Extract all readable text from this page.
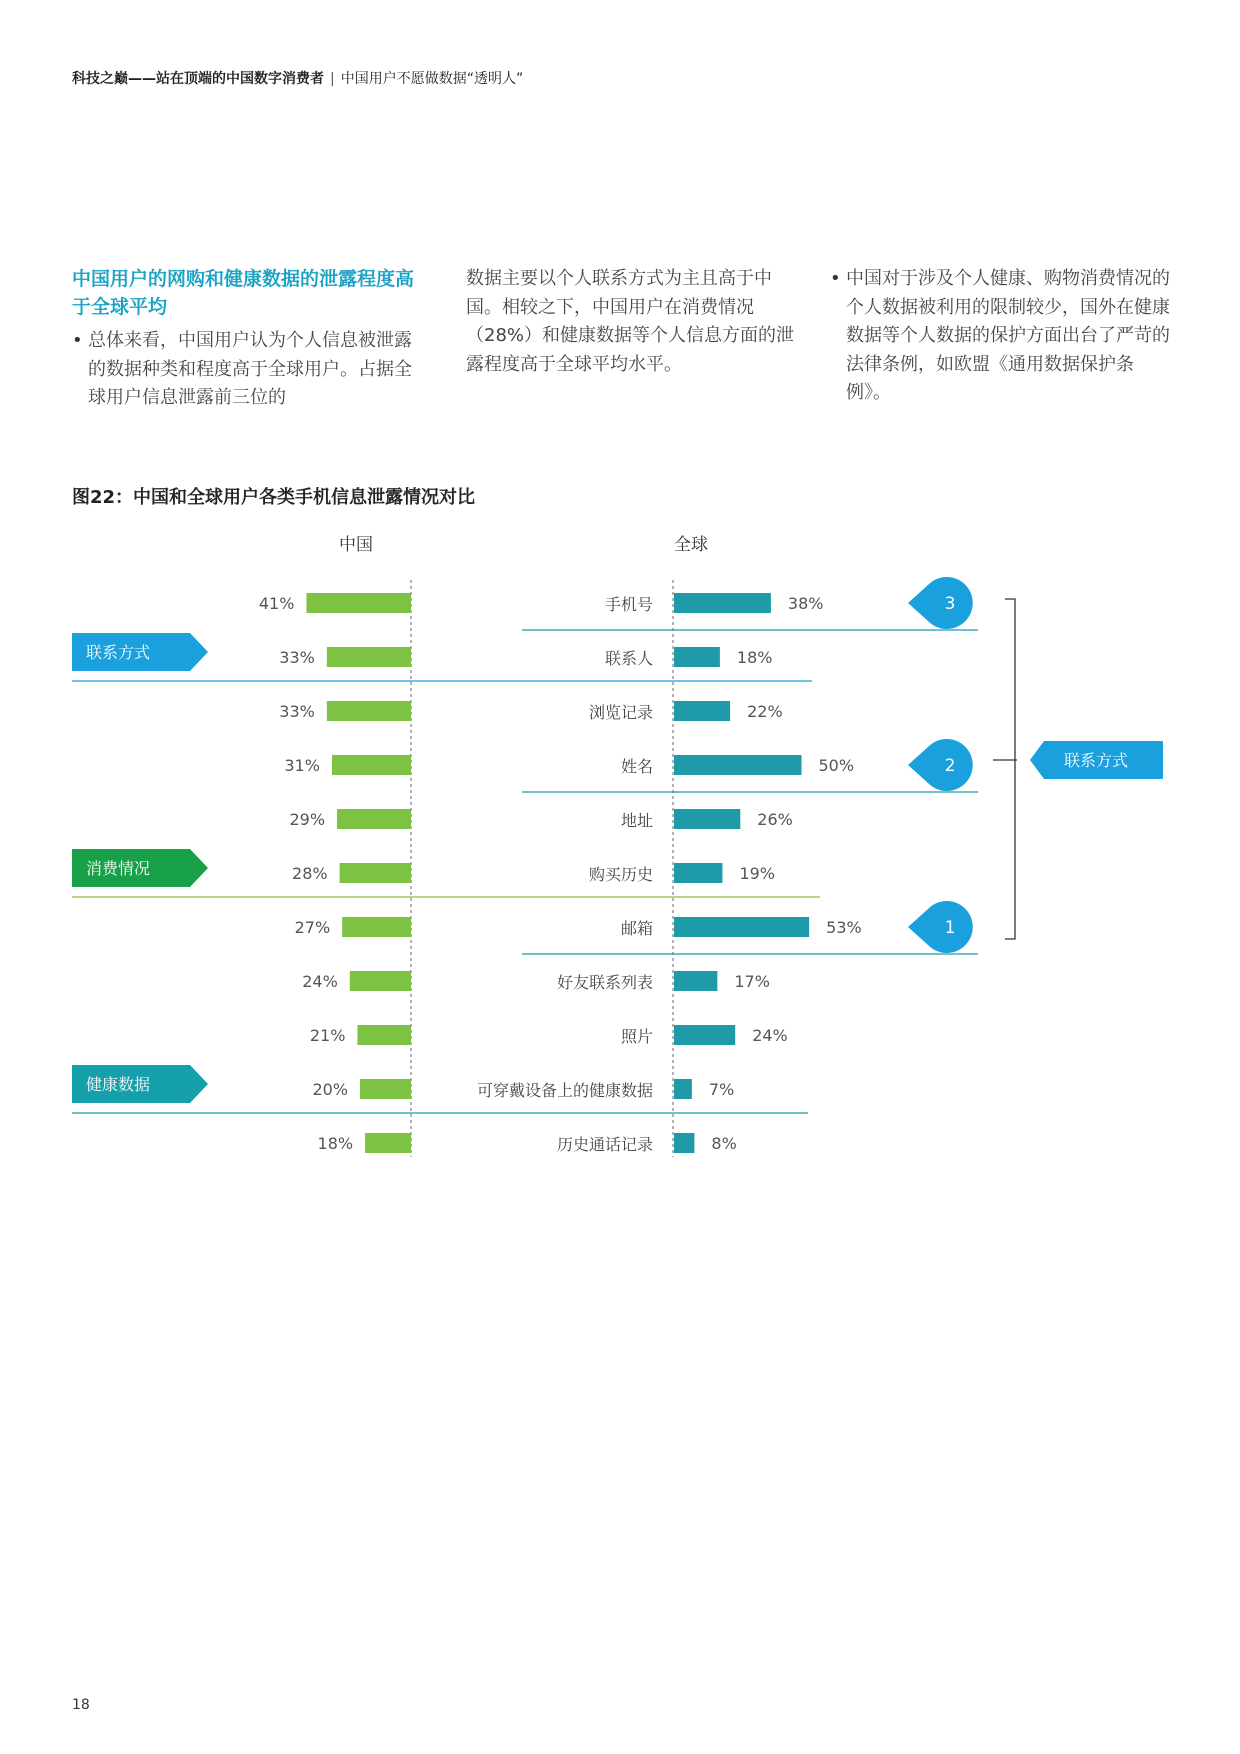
科技之巅——站在顶端的中国数字消费者 | 中国用户不愿做数据“透明人”
中国用户的网购和健康数据的泄露程度高于全球平均
• 总体来看，中国用户认为个人信息被泄露的数据种类和程度高于全球用户。占据全球用户信息泄露前三位的
数据主要以个人联系方式为主且高于中国。相较之下，中国用户在消费情况（28%）和健康数据等个人信息方面的泄露程度高于全球平均水平。
• 中国对于涉及个人健康、购物消费情况的个人数据被利用的限制较少，国外在健康数据等个人数据的保护方面出台了严苛的法律条例，如欧盟《通用数据保护条例》。
图22：中国和全球用户各类手机信息泄露情况对比
中国	全球
41%
33%
33%
31%
29%
28%
27%
24%
21%
20%
18%
38%
手机号
18%
联系人
22%
浏览记录
50%
姓名
26%
地址
19%
购买历史
53%
邮箱
17%
好友联系列表
24%
照片
7%
可穿戴设备上的健康数据
8%
历史通话记录
联系方式
消费情况
健康数据
3
2
1
联系方式
18
